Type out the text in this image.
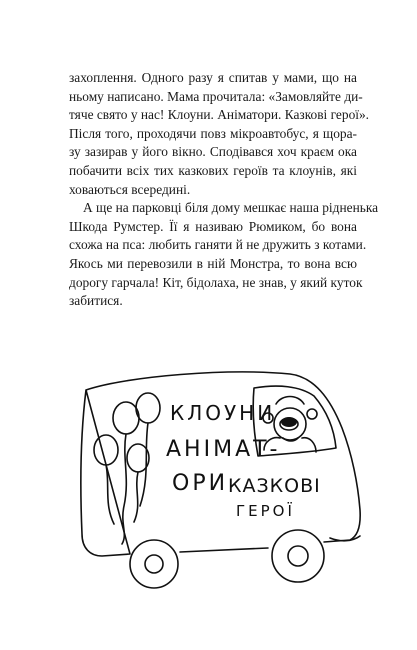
захоплення. Одного разу я спитав у мами, що на
ньому написано. Мама прочитала: «Замовляйте ди-
тяче свято у нас! Клоуни. Аніматори. Казкові герої».
Після того, проходячи повз мікроавтобус, я щора-
зу зазирав у його вікно. Сподівався хоч краєм ока
побачити всіх тих казкових героїв та клоунів, які
ховаються всередині.
А ще на парковці біля дому мешкає наша рідненька
Шкода Румстер. Її я називаю Рюмиком, бо вона
схожа на пса: любить ганяти й не дружить з котами.
Якось ми перевозили в ній Монстра, то вона всю
дорогу гарчала! Кіт, бідолаха, не знав, у який куток
забитися.
КЛОУНИ
АНІМАТ-
ОРИ КАЗКОВІ
ГЕРОЇ
